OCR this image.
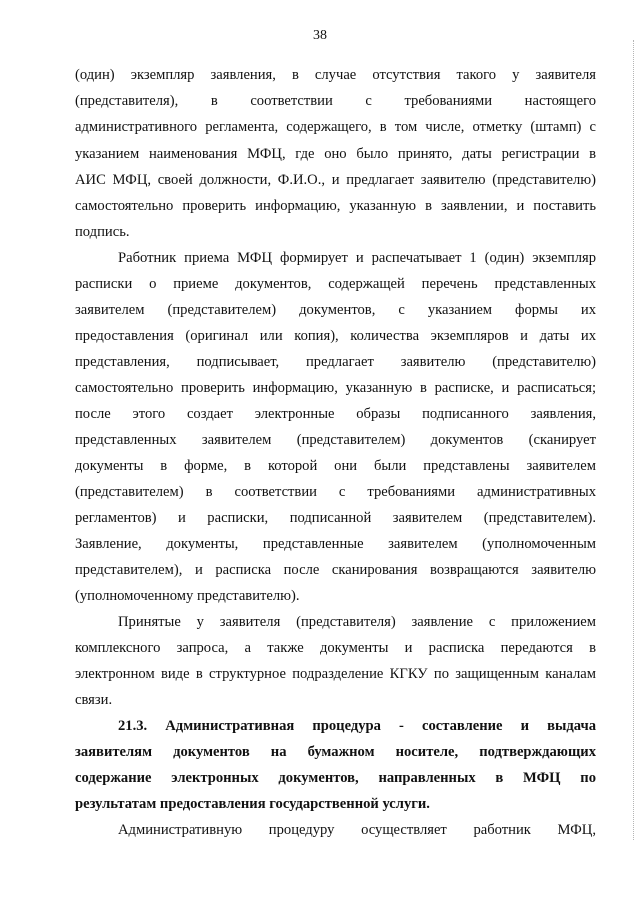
38
(один) экземпляр заявления, в случае отсутствия такого у заявителя
(представителя), в соответствии с требованиями настоящего
административного регламента, содержащего, в том числе, отметку (штамп) с
указанием наименования МФЦ, где оно было принято, даты регистрации в
АИС МФЦ, своей должности, Ф.И.О., и предлагает заявителю (представителю)
самостоятельно проверить информацию, указанную в заявлении, и поставить
подпись.
Работник приема МФЦ формирует и распечатывает 1 (один) экземпляр
расписки о приеме документов, содержащей перечень представленных
заявителем (представителем) документов, с указанием формы их
предоставления (оригинал или копия), количества экземпляров и даты их
представления, подписывает, предлагает заявителю (представителю)
самостоятельно проверить информацию, указанную в расписке, и расписаться;
после этого создает электронные образы подписанного заявления,
представленных заявителем (представителем) документов (сканирует
документы в форме, в которой они были представлены заявителем
(представителем) в соответствии с требованиями административных
регламентов) и расписки, подписанной заявителем (представителем).
Заявление, документы, представленные заявителем (уполномоченным
представителем), и расписка после сканирования возвращаются заявителю
(уполномоченному представителю).
Принятые у заявителя (представителя) заявление с приложением
комплексного запроса, а также документы и расписка передаются в
электронном виде в структурное подразделение КГКУ по защищенным каналам
связи.
21.3. Административная процедура - составление и выдача
заявителям документов на бумажном носителе, подтверждающих
содержание электронных документов, направленных в МФЦ по
результатам предоставления государственной услуги.
Административную процедуру осуществляет работник МФЦ,
